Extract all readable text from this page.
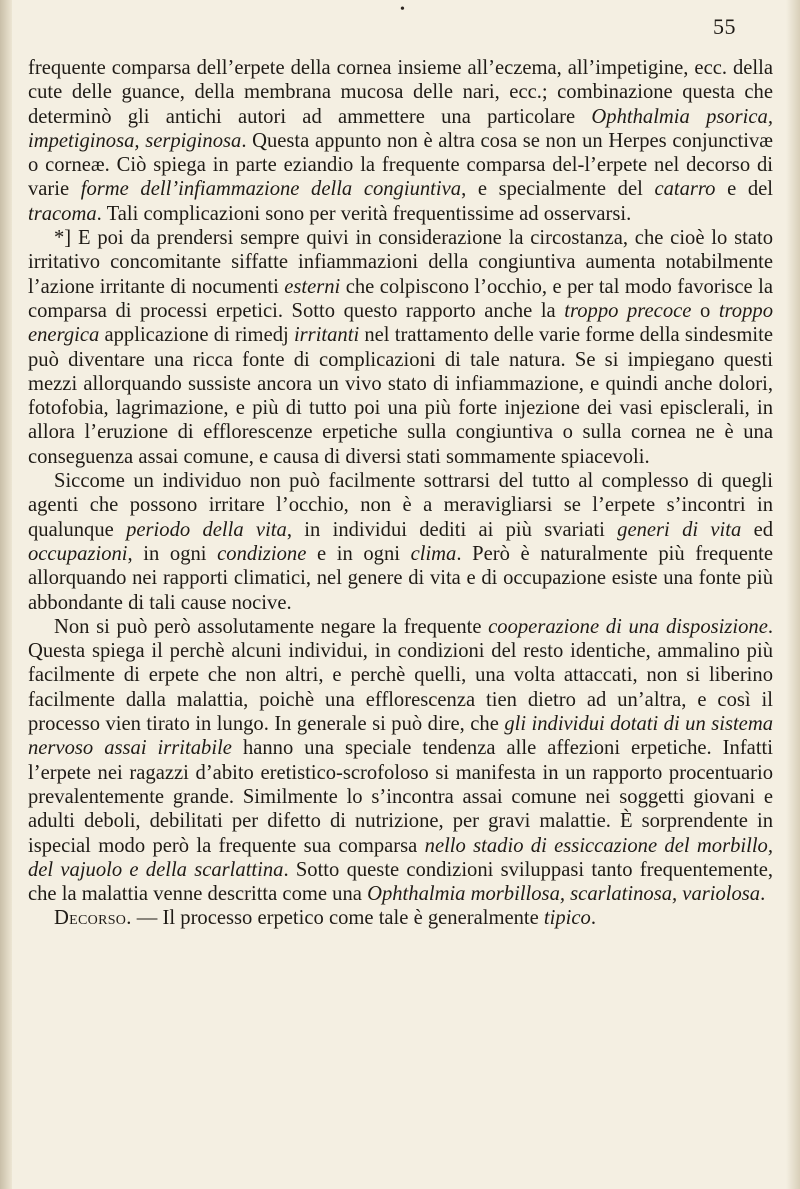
•
55

frequente comparsa dell’erpete della cornea insieme all’eczema, all’impetigine, ecc. della cute delle guance, della membrana mucosa delle nari, ecc.; combinazione questa che determinò gli antichi autori ad ammettere una particolare Ophthalmia psorica, impetiginosa, serpiginosa. Questa appunto non è altra cosa se non un Herpes conjunctivæ o corneæ. Ciò spiega in parte eziandio la frequente comparsa del-l’erpete nel decorso di varie forme dell’infiammazione della congiuntiva, e specialmente del catarro e del tracoma. Tali complicazioni sono per verità frequentissime ad osservarsi.

*] E poi da prendersi sempre quivi in considerazione la circostanza, che cioè lo stato irritativo concomitante siffatte infiammazioni della congiuntiva aumenta notabilmente l’azione irritante di nocumenti esterni che colpiscono l’occhio, e per tal modo favorisce la comparsa di processi erpetici. Sotto questo rapporto anche la troppo precoce o troppo energica applicazione di rimedj irritanti nel trattamento delle varie forme della sindesmite può diventare una ricca fonte di complicazioni di tale natura. Se si impiegano questi mezzi allorquando sussiste ancora un vivo stato di infiammazione, e quindi anche dolori, fotofobia, lagrimazione, e più di tutto poi una più forte injezione dei vasi episclerali, in allora l’eruzione di efflorescenze erpetiche sulla congiuntiva o sulla cornea ne è una conseguenza assai comune, e causa di diversi stati sommamente spiacevoli.

Siccome un individuo non può facilmente sottrarsi del tutto al complesso di quegli agenti che possono irritare l’occhio, non è a meravigliarsi se l’erpete s’incontri in qualunque periodo della vita, in individui dediti ai più svariati generi di vita ed occupazioni, in ogni condizione e in ogni clima. Però è naturalmente più frequente allorquando nei rapporti climatici, nel genere di vita e di occupazione esiste una fonte più abbondante di tali cause nocive.

Non si può però assolutamente negare la frequente cooperazione di una disposizione. Questa spiega il perchè alcuni individui, in condizioni del resto identiche, ammalino più facilmente di erpete che non altri, e perchè quelli, una volta attaccati, non si liberino facilmente dalla malattia, poichè una efflorescenza tien dietro ad un’altra, e così il processo vien tirato in lungo. In generale si può dire, che gli individui dotati di un sistema nervoso assai irritabile hanno una speciale tendenza alle affezioni erpetiche. Infatti l’erpete nei ragazzi d’abito eretistico-scrofoloso si manifesta in un rapporto procentuario prevalentemente grande. Similmente lo s’incontra assai comune nei soggetti giovani e adulti deboli, debilitati per difetto di nutrizione, per gravi malattie. È sorprendente in ispecial modo però la frequente sua comparsa nello stadio di essiccazione del morbillo, del vajuolo e della scarlattina. Sotto queste condizioni sviluppasi tanto frequentemente, che la malattia venne descritta come una Ophthalmia morbillosa, scarlatinosa, variolosa.

Decorso. — Il processo erpetico come tale è generalmente tipico.
